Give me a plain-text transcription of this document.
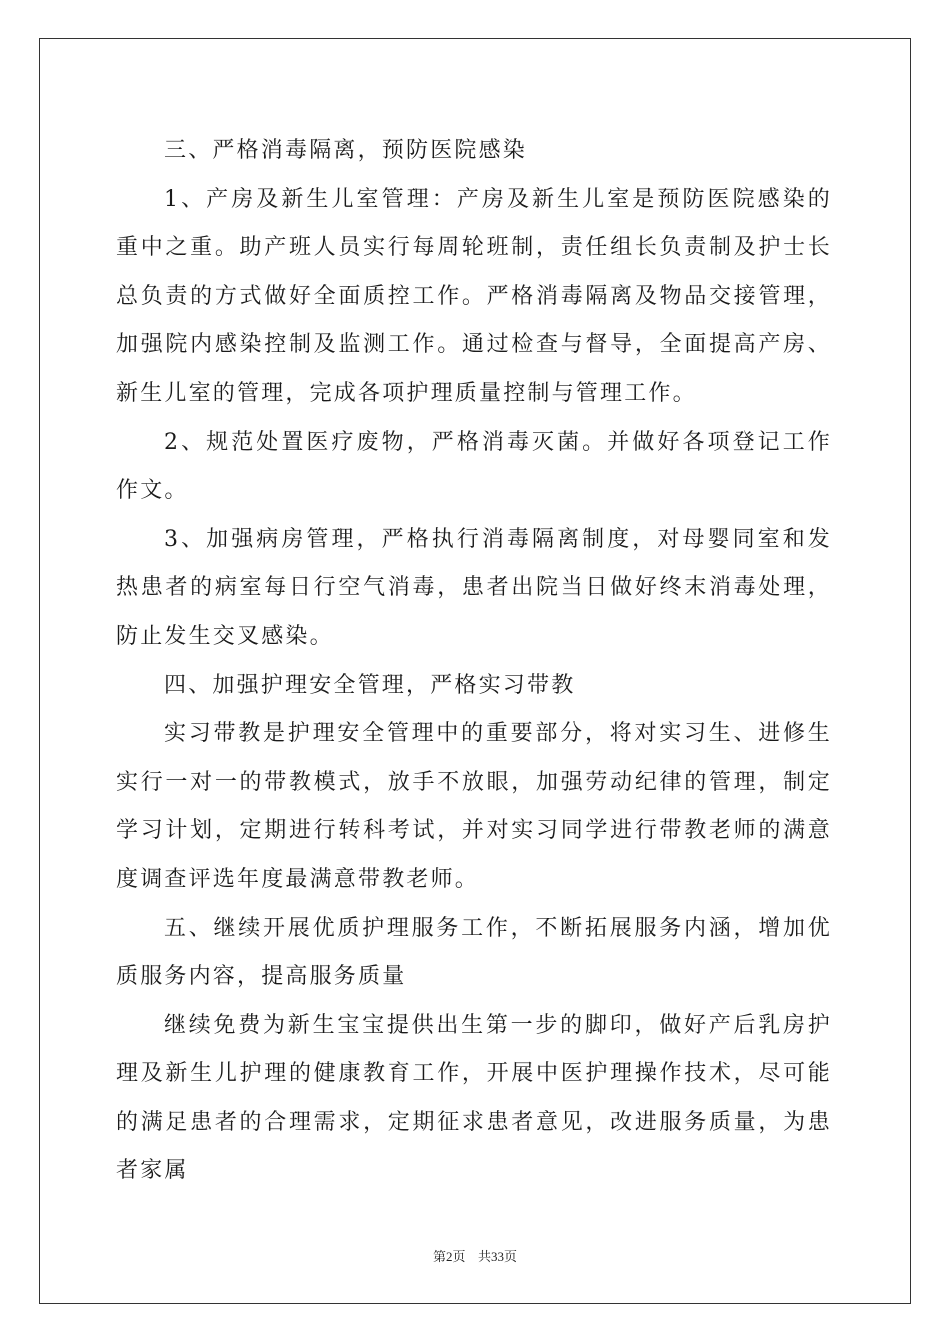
三、严格消毒隔离，预防医院感染

1、产房及新生儿室管理：产房及新生儿室是预防医院感染的重中之重。助产班人员实行每周轮班制，责任组长负责制及护士长总负责的方式做好全面质控工作。严格消毒隔离及物品交接管理，加强院内感染控制及监测工作。通过检查与督导，全面提高产房、新生儿室的管理，完成各项护理质量控制与管理工作。

2、规范处置医疗废物，严格消毒灭菌。并做好各项登记工作作文。

3、加强病房管理，严格执行消毒隔离制度，对母婴同室和发热患者的病室每日行空气消毒，患者出院当日做好终末消毒处理，防止发生交叉感染。

四、加强护理安全管理，严格实习带教

实习带教是护理安全管理中的重要部分，将对实习生、进修生实行一对一的带教模式，放手不放眼，加强劳动纪律的管理，制定学习计划，定期进行转科考试，并对实习同学进行带教老师的满意度调查评选年度最满意带教老师。

五、继续开展优质护理服务工作，不断拓展服务内涵，增加优质服务内容，提高服务质量

继续免费为新生宝宝提供出生第一步的脚印，做好产后乳房护理及新生儿护理的健康教育工作，开展中医护理操作技术，尽可能的满足患者的合理需求，定期征求患者意见，改进服务质量，为患者家属

第2页 共33页
